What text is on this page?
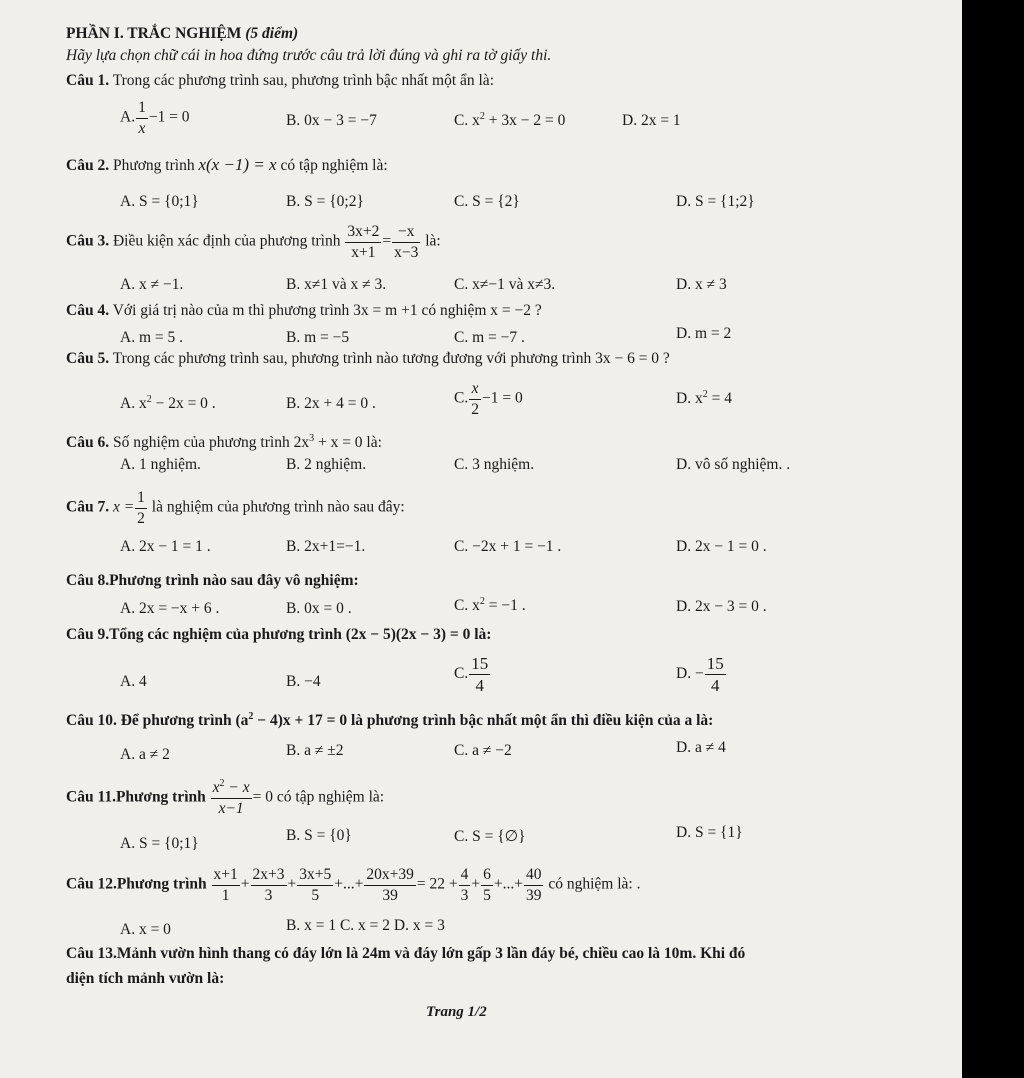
PHẦN I. TRẮC NGHIỆM (5 điểm)
Hãy lựa chọn chữ cái in hoa đứng trước câu trả lời đúng và ghi ra tờ giấy thi.
Câu 1. Trong các phương trình sau, phương trình bậc nhất một ẩn là:
A. $\frac{1}{x} -1 = 0$	B. 0x − 3 = −7	C. $x^2 + 3x - 2 = 0$	D. 2x = 1
Câu 2. Phương trình x(x −1) = x có tập nghiệm là:
A. S = {0;1}	B. S = {0;2}	C. S = {2}	D. S = {1;2}
Câu 3. Điều kiện xác định của phương trình $\frac{3x+2}{x+1} = \frac{-x}{x-3}$ là:
A. x ≠ −1.	B. x≠1 và x ≠ 3.	C. x≠−1 và x≠3.	D. x ≠ 3
Câu 4. Với giá trị nào của m thì phương trình 3x = m +1 có nghiệm x = −2 ?
A. m = 5 .	B. m = −5	C. m = −7 .	D. m = 2
Câu 5. Trong các phương trình sau, phương trình nào tương đương với phương trình 3x − 6 = 0 ?
A. $x^2 - 2x = 0$ .	B. 2x + 4 = 0 .	C. $\frac{x}{2} -1 = 0$	D. $x^2 = 4$
Câu 6. Số nghiệm của phương trình $2x^3 + x = 0$ là:
A. 1 nghiệm.	B. 2 nghiệm.	C. 3 nghiệm.	D. vô số nghiệm. .
Câu 7. $x = \frac{1}{2}$ là nghiệm của phương trình nào sau đây:
A. 2x − 1 = 1 .	B. 2x+1=−1.	C. −2x + 1 = −1 .	D. 2x − 1 = 0 .
Câu 8.Phương trình nào sau đây vô nghiệm:
A. 2x = −x + 6 .	B. 0x = 0 .	C. $x^2 = -1$ .	D. 2x − 3 = 0 .
Câu 9.Tổng các nghiệm của phương trình (2x − 5)(2x − 3) = 0 là:
A. 4	B. −4	C. $\frac{15}{4}$	D. − $\frac{15}{4}$
Câu 10. Để phương trình $(a^2 - 4)x + 17 = 0$ là phương trình bậc nhất một ẩn thì điều kiện của a là:
A. a ≠ 2	B. a ≠ ±2	C. a ≠ −2	D. a ≠ 4
Câu 11.Phương trình $\frac{x^2 - x}{x-1} = 0$ có tập nghiệm là:
A. S = {0;1}	B. S = {0}	C. S = {∅}	D. S = {1}
Câu 12.Phương trình $\frac{x+1}{1} + \frac{2x+3}{3} + \frac{3x+5}{5}$ +...+ $\frac{20x+39}{39} = 22 + \frac{4}{3} + \frac{6}{5}$ +...+ $\frac{40}{39}$ có nghiệm là: .
A. x = 0	B. x = 1 C. x = 2 D. x = 3
Câu 13.Mảnh vườn hình thang có đáy lớn là 24m và đáy lớn gấp 3 lần đáy bé, chiều cao là 10m. Khi đó
diện tích mảnh vườn là:
Trang 1/2
